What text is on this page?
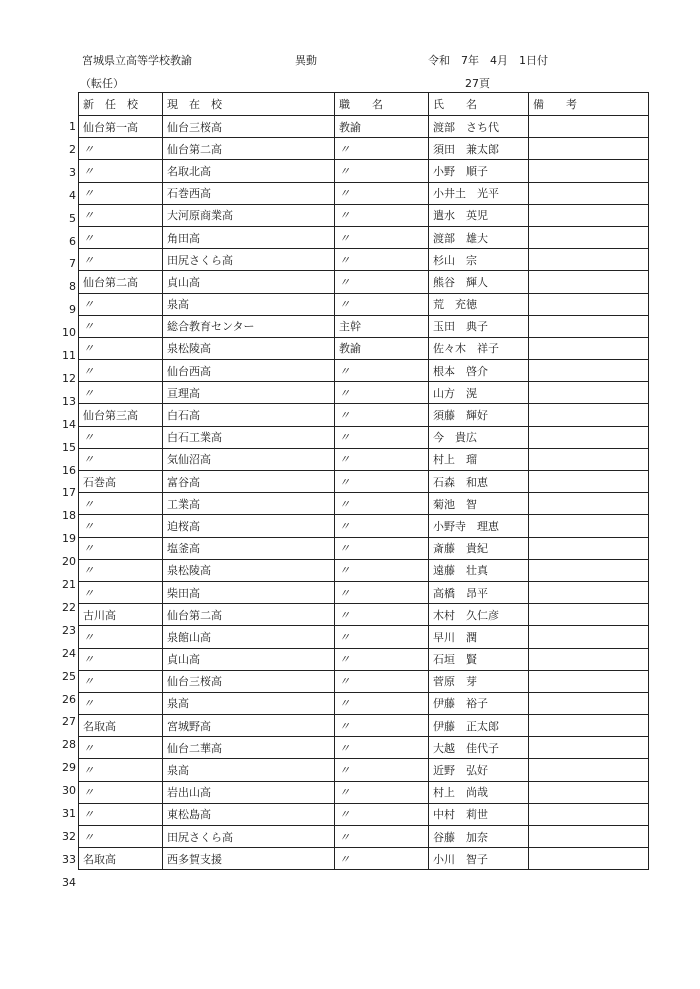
宮城県立高等学校教諭	異動	令和　7年　4月　1日付
（転任）	27頁
1
2
3
4
5
6
7
8
9
10
11
12
13
14
15
16
17
18
19
20
21
22
23
24
25
26
27
28
29
30
31
32
33
34
新　任　校	現　在　校	職　　名	氏　　名	備　　考
仙台第一高	仙台三桜高	教諭	渡部　さち代	
〃	仙台第二高	〃	須田　兼太郎	
〃	名取北高	〃	小野　順子	
〃	石巻西高	〃	小井土　光平	
〃	大河原商業高	〃	遣水　英児	
〃	角田高	〃	渡部　雄大	
〃	田尻さくら高	〃	杉山　宗	
仙台第二高	貞山高	〃	熊谷　輝人	
〃	泉高	〃	荒　充徳	
〃	総合教育センター	主幹	玉田　典子	
〃	泉松陵高	教諭	佐々木　祥子	
〃	仙台西高	〃	根本　啓介	
〃	亘理高	〃	山方　滉	
仙台第三高	白石高	〃	須藤　輝好	
〃	白石工業高	〃	今　貴広	
〃	気仙沼高	〃	村上　瑠	
石巻高	富谷高	〃	石森　和恵	
〃	工業高	〃	菊池　智	
〃	迫桜高	〃	小野寺　理恵	
〃	塩釜高	〃	斎藤　貴紀	
〃	泉松陵高	〃	遠藤　壮真	
〃	柴田高	〃	高橋　昂平	
古川高	仙台第二高	〃	木村　久仁彦	
〃	泉館山高	〃	早川　潤	
〃	貞山高	〃	石垣　賢	
〃	仙台三桜高	〃	菅原　芽	
〃	泉高	〃	伊藤　裕子	
名取高	宮城野高	〃	伊藤　正太郎	
〃	仙台二華高	〃	大越　佳代子	
〃	泉高	〃	近野　弘好	
〃	岩出山高	〃	村上　尚哉	
〃	東松島高	〃	中村　莉世	
〃	田尻さくら高	〃	谷藤　加奈	
名取高	西多賀支援	〃	小川　智子	
